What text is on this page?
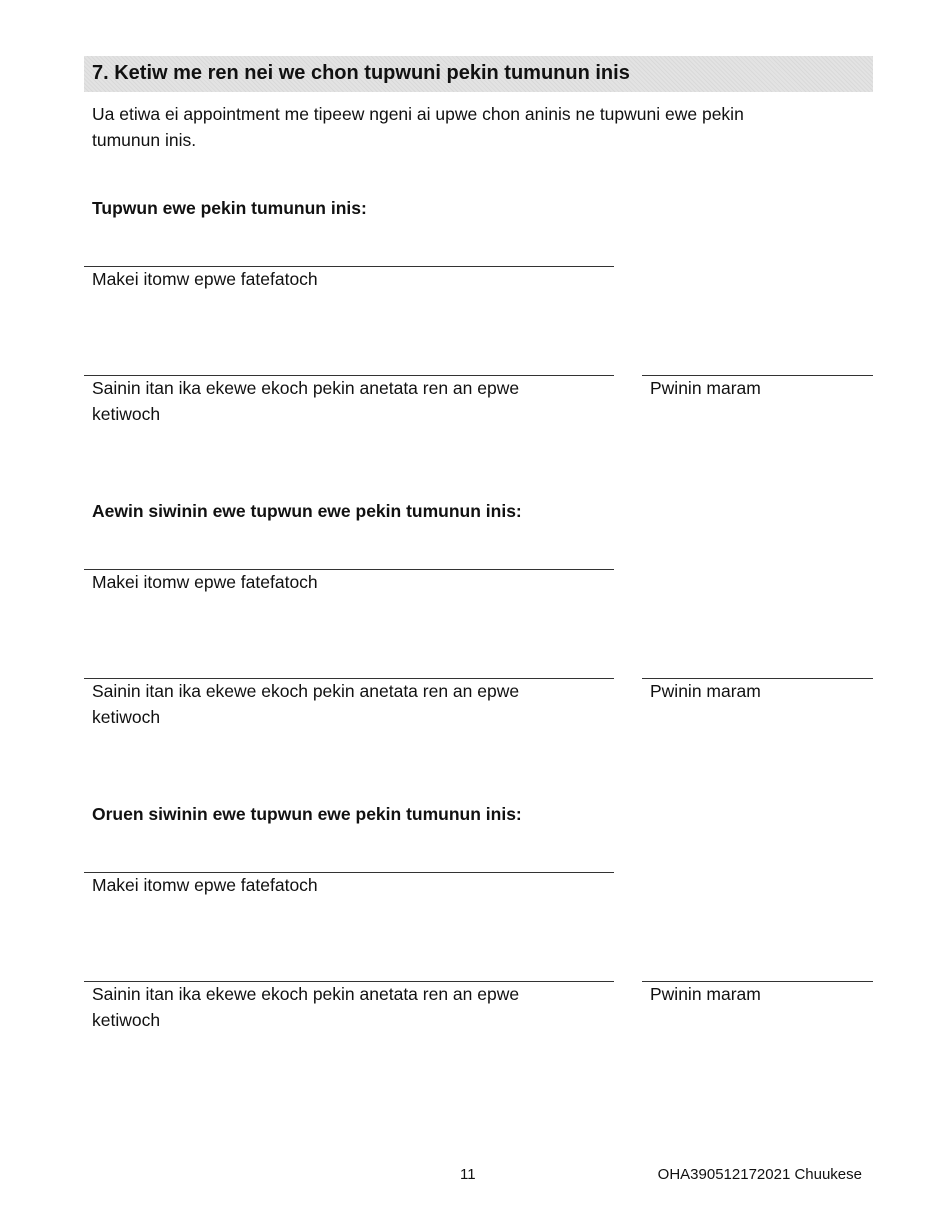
7. Ketiw me ren nei we chon tupwuni pekin tumunun inis

Ua etiwa ei appointment me tipeew ngeni ai upwe chon aninis ne tupwuni ewe pekin tumunun inis.

Tupwun ewe pekin tumunun inis:

Makei itomw epwe fatefatoch

Sainin itan ika ekewe ekoch pekin anetata ren an epwe ketiwoch

Pwinin maram

Aewin siwinin ewe tupwun ewe pekin tumunun inis:

Makei itomw epwe fatefatoch

Sainin itan ika ekewe ekoch pekin anetata ren an epwe ketiwoch

Pwinin maram

Oruen siwinin ewe tupwun ewe pekin tumunun inis:

Makei itomw epwe fatefatoch

Sainin itan ika ekewe ekoch pekin anetata ren an epwe ketiwoch

Pwinin maram

11	OHA390512172021 Chuukese
